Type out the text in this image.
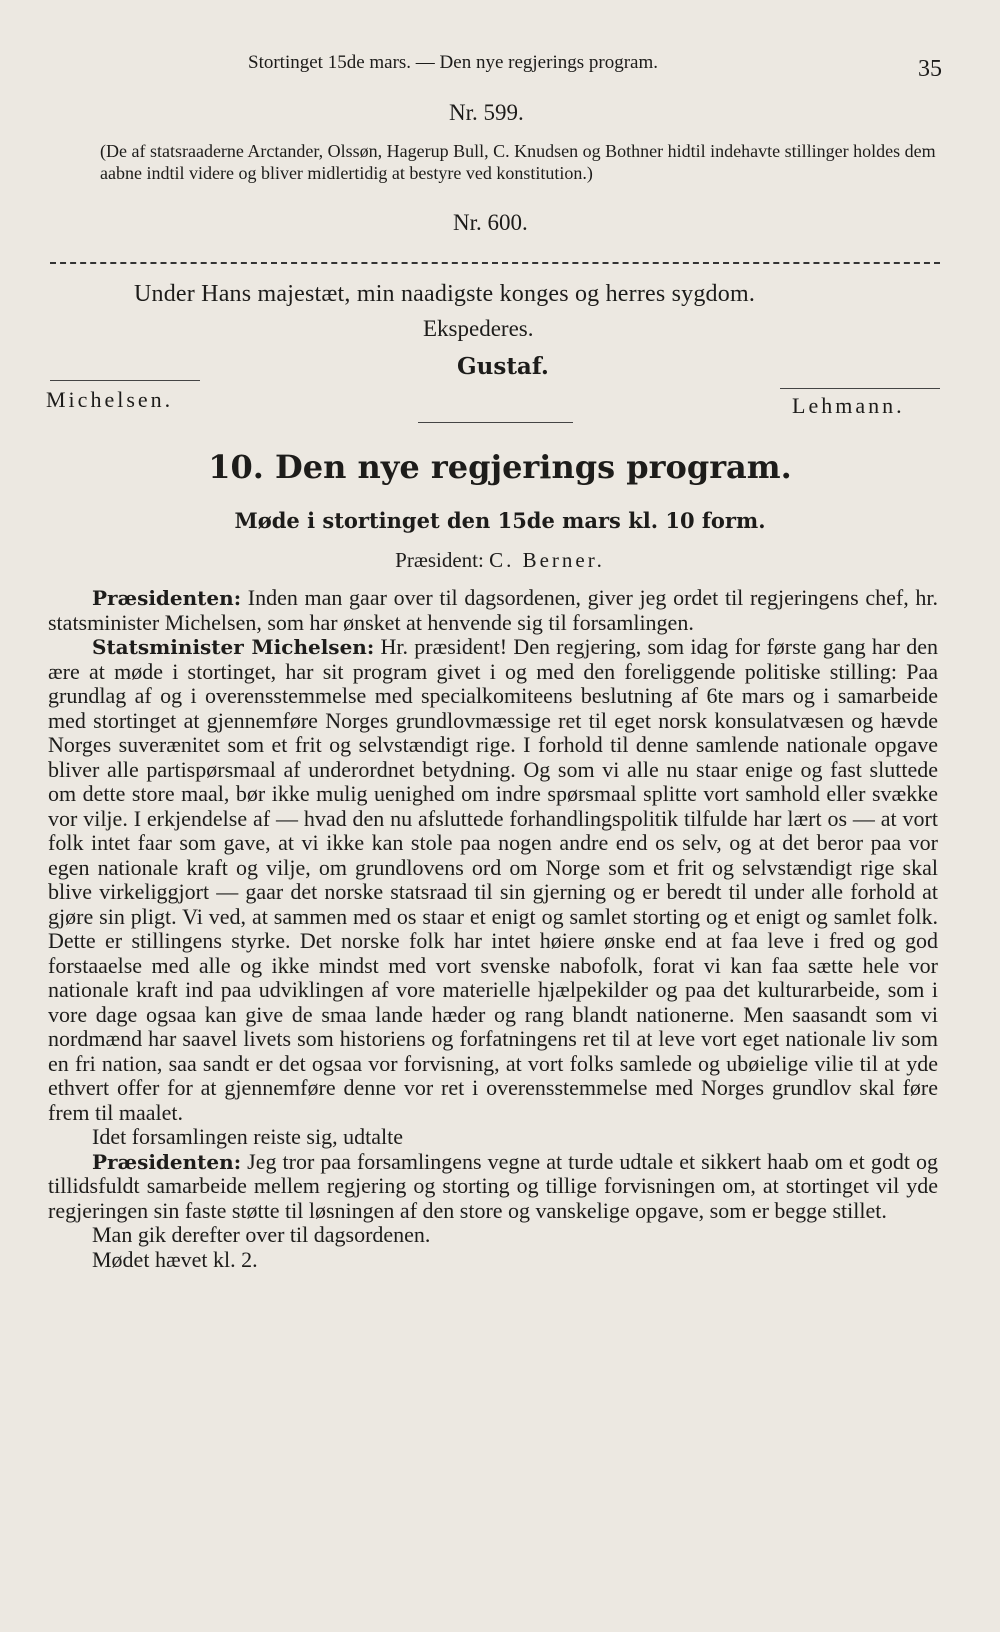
Stortinget 15de mars. — Den nye regjerings program.	35
Nr. 599.

(De af statsraaderne Arctander, Olssøn, Hagerup Bull, C. Knudsen og Bothner hidtil indehavte stillinger holdes dem aabne indtil videre og bliver midlertidig at bestyre ved konstitution.)

Nr. 600.
Under Hans majestæt, min naadigste konges og herres sygdom.
Ekspederes.
Gustaf.
Michelsen.	Lehmann.
10. Den nye regjerings program.
Møde i stortinget den 15de mars kl. 10 form.
Præsident: C. Berner.

Præsidenten: Inden man gaar over til dagsordenen, giver jeg ordet til regjeringens chef, hr. statsminister Michelsen, som har ønsket at henvende sig til forsamlingen.

Statsminister Michelsen: Hr. præsident! Den regjering, som idag for første gang har den ære at møde i stortinget, har sit program givet i og med den foreliggende politiske stilling: Paa grundlag af og i overensstemmelse med specialkomiteens beslutning af 6te mars og i samarbeide med stortinget at gjennemføre Norges grundlovmæssige ret til eget norsk konsulatvæsen og hævde Norges suverænitet som et frit og selvstændigt rige. I forhold til denne samlende nationale opgave bliver alle partispørsmaal af underordnet betydning. Og som vi alle nu staar enige og fast sluttede om dette store maal, bør ikke mulig uenighed om indre spørsmaal splitte vort samhold eller svække vor vilje. I erkjendelse af — hvad den nu afsluttede forhandlingspolitik tilfulde har lært os — at vort folk intet faar som gave, at vi ikke kan stole paa nogen andre end os selv, og at det beror paa vor egen nationale kraft og vilje, om grundlovens ord om Norge som et frit og selvstændigt rige skal blive virkeliggjort — gaar det norske statsraad til sin gjerning og er beredt til under alle forhold at gjøre sin pligt. Vi ved, at sammen med os staar et enigt og samlet storting og et enigt og samlet folk. Dette er stillingens styrke. Det norske folk har intet høiere ønske end at faa leve i fred og god forstaaelse med alle og ikke mindst med vort svenske nabofolk, forat vi kan faa sætte hele vor nationale kraft ind paa udviklingen af vore materielle hjælpekilder og paa det kulturarbeide, som i vore dage ogsaa kan give de smaa lande hæder og rang blandt nationerne. Men saasandt som vi nordmænd har saavel livets som historiens og forfatningens ret til at leve vort eget nationale liv som en fri nation, saa sandt er det ogsaa vor forvisning, at vort folks samlede og ubøielige vilie til at yde ethvert offer for at gjennemføre denne vor ret i overensstemmelse med Norges grundlov skal føre frem til maalet.

Idet forsamlingen reiste sig, udtalte

Præsidenten: Jeg tror paa forsamlingens vegne at turde udtale et sikkert haab om et godt og tillidsfuldt samarbeide mellem regjering og storting og tillige forvisningen om, at stortinget vil yde regjeringen sin faste støtte til løsningen af den store og vanskelige opgave, som er begge stillet.

Man gik derefter over til dagsordenen.

Mødet hævet kl. 2.
